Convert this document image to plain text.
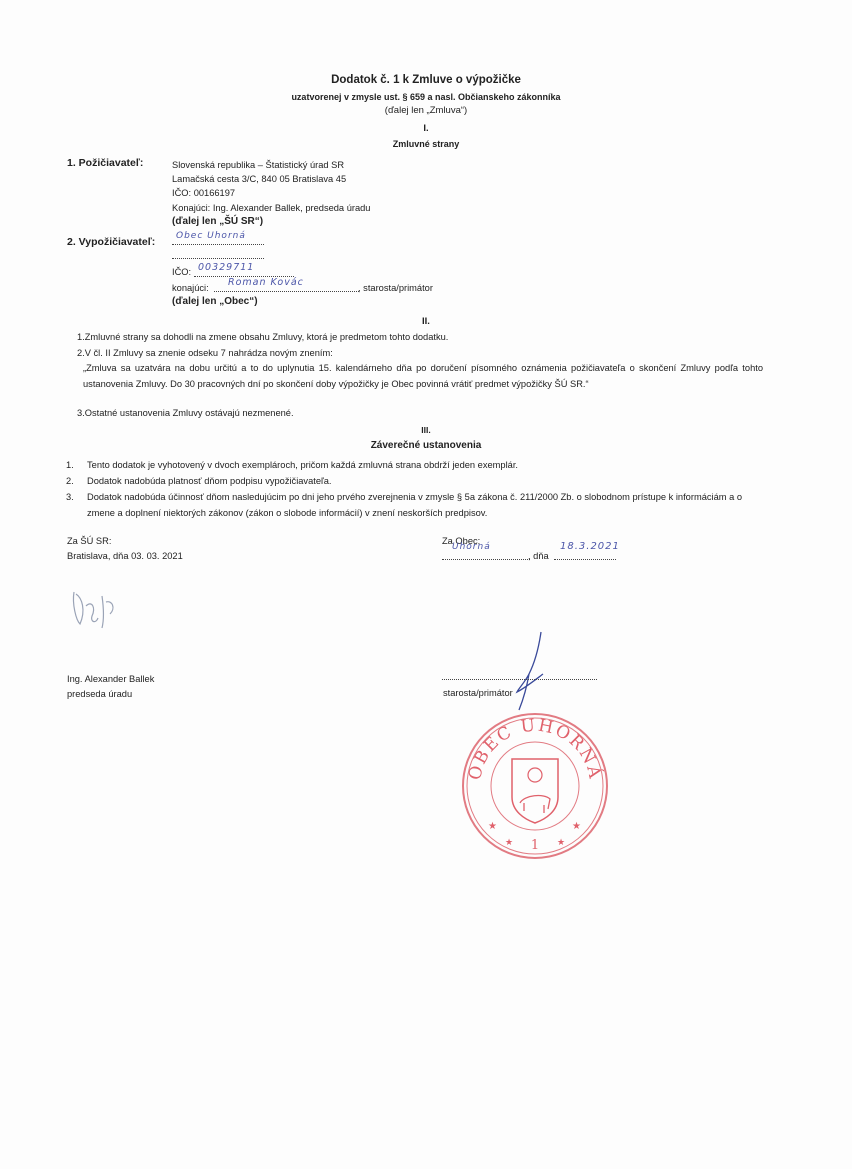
Dodatok č. 1 k Zmluve o výpožičke
uzatvorenej v zmysle ust. § 659 a nasl. Občianskeho zákonníka
(ďalej len „Zmluva“)
I.
Zmluvné strany
1. Požičiavateľ:	Slovenská republika – Štatistický úrad SR
Lamačská cesta 3/C, 840 05 Bratislava 45
IČO: 00166197
Konajúci: Ing. Alexander Ballek, predseda úradu
(ďalej len „ŠÚ SR“)
2. Vypožičiavateľ: Obec Uhorná
IČO: 00329711
konajúci: Roman Kovác	, starosta/primátor
(ďalej len „Obec“)
II.
1.Zmluvné strany sa dohodli na zmene obsahu Zmluvy, ktorá je predmetom tohto dodatku.
2.V čl. II Zmluvy sa znenie odseku 7 nahrádza novým znením:
„Zmluva sa uzatvára na dobu určitú a to do uplynutia 15. kalendárneho dňa po doručení písomného oznámenia požičiavateľa o skončení Zmluvy podľa tohto ustanovenia Zmluvy. Do 30 pracovných dní po skončení doby výpožičky je Obec povinná vrátiť predmet výpožičky ŠÚ SR.“
3.Ostatné ustanovenia Zmluvy ostávajú nezmenené.
III.
Záverečné ustanovenia
1. Tento dodatok je vyhotovený v dvoch exemplároch, pričom každá zmluvná strana obdrží jeden exemplár.
2. Dodatok nadobúda platnosť dňom podpisu vypožičiavateľa.
3. Dodatok nadobúda účinnosť dňom nasledujúcim po dni jeho prvého zverejnenia v zmysle § 5a zákona č. 211/2000 Zb. o slobodnom prístupe k informáciám a o zmene a doplnení niektorých zákonov (zákon o slobode informácií) v znení neskorších predpisov.
Za ŠÚ SR:
Bratislava, dňa 03. 03. 2021
Ing. Alexander Ballek
predseda úradu
Za Obec:
Uhorná
, dňa
18.3.2021
starosta/primátor
OBEC UHORNÁ
★	★
★	★
1
